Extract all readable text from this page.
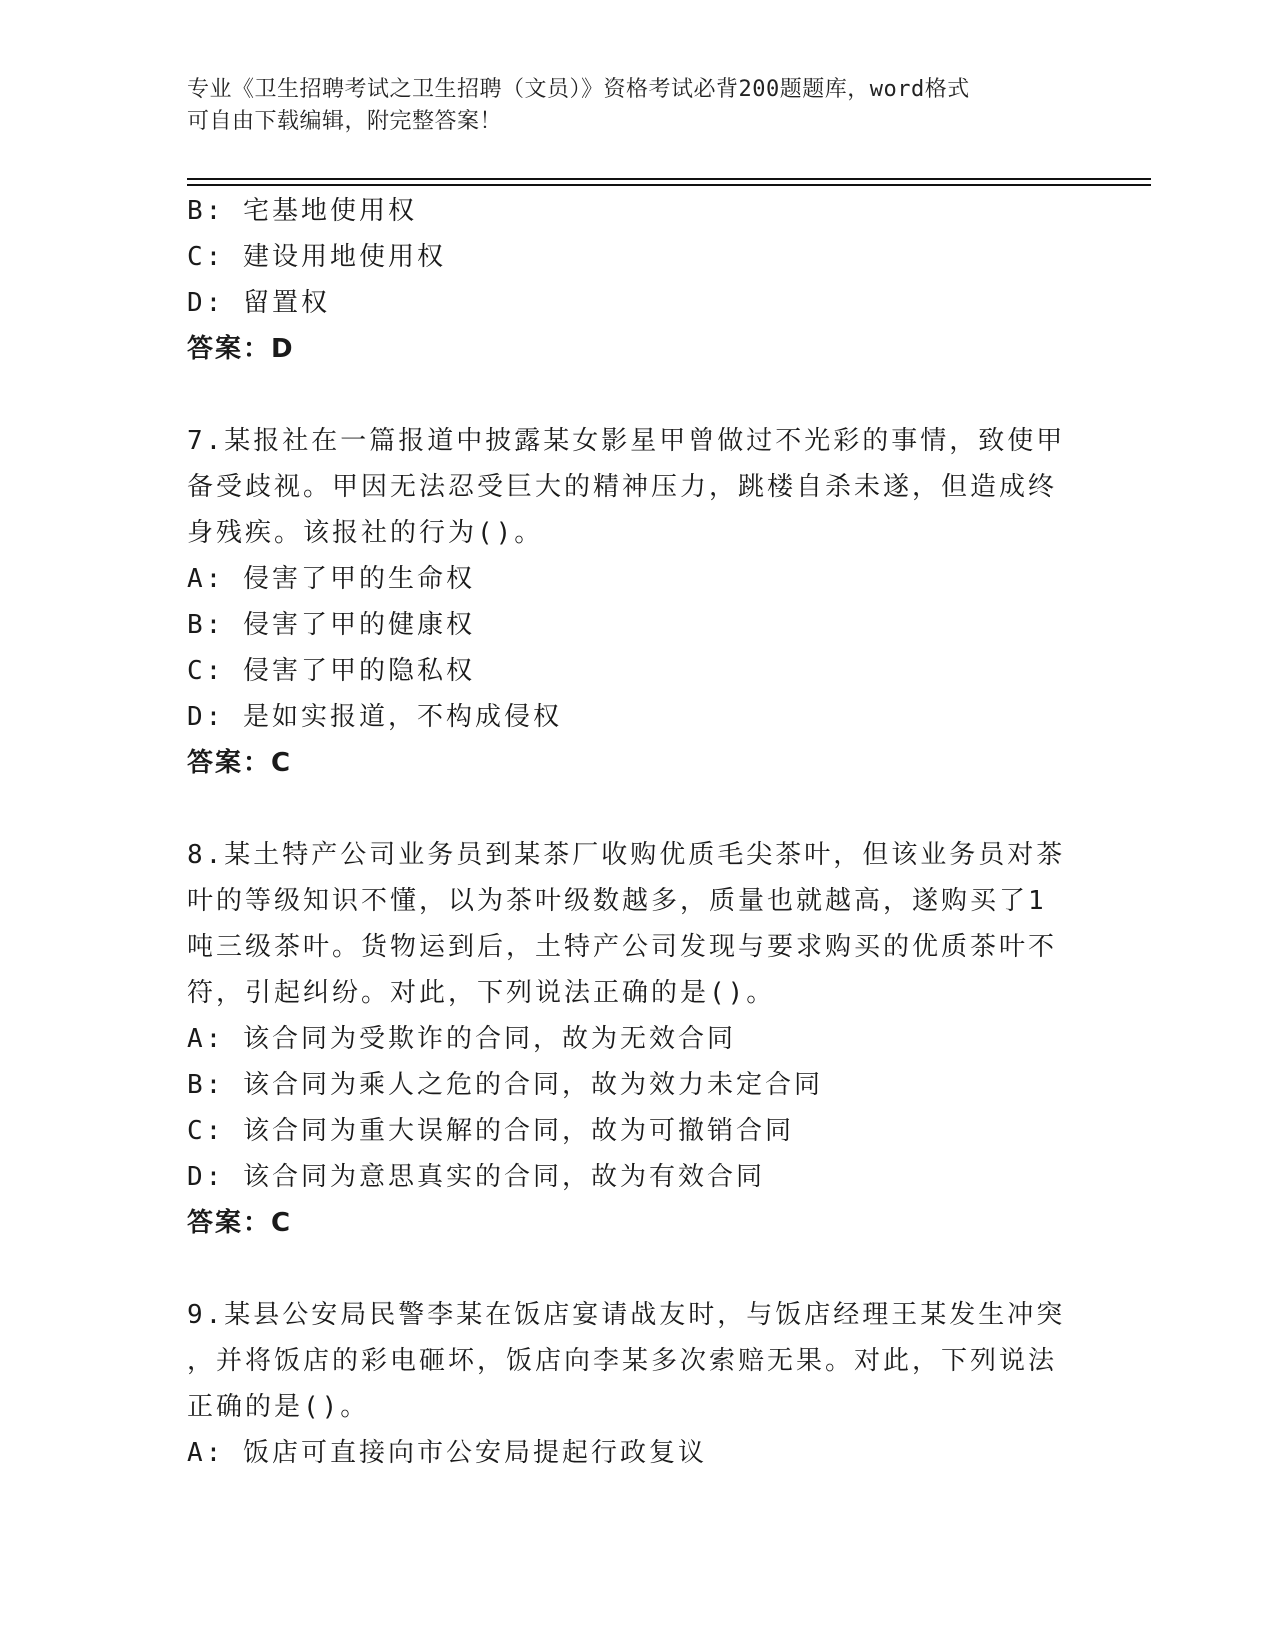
专业《卫生招聘考试之卫生招聘（文员）》资格考试必背200题题库，word格式
可自由下载编辑，附完整答案！
B: 宅基地使用权
C: 建设用地使用权
D: 留置权
答案：D
7.某报社在一篇报道中披露某女影星甲曾做过不光彩的事情，致使甲
备受歧视。甲因无法忍受巨大的精神压力，跳楼自杀未遂，但造成终
身残疾。该报社的行为()。
A: 侵害了甲的生命权
B: 侵害了甲的健康权
C: 侵害了甲的隐私权
D: 是如实报道，不构成侵权
答案：C
8.某土特产公司业务员到某茶厂收购优质毛尖茶叶，但该业务员对茶
叶的等级知识不懂，以为茶叶级数越多，质量也就越高，遂购买了1
吨三级茶叶。货物运到后，土特产公司发现与要求购买的优质茶叶不
符，引起纠纷。对此，下列说法正确的是()。
A: 该合同为受欺诈的合同，故为无效合同
B: 该合同为乘人之危的合同，故为效力未定合同
C: 该合同为重大误解的合同，故为可撤销合同
D: 该合同为意思真实的合同，故为有效合同
答案：C
9.某县公安局民警李某在饭店宴请战友时，与饭店经理王某发生冲突
，并将饭店的彩电砸坏，饭店向李某多次索赔无果。对此，下列说法
正确的是()。
A: 饭店可直接向市公安局提起行政复议
